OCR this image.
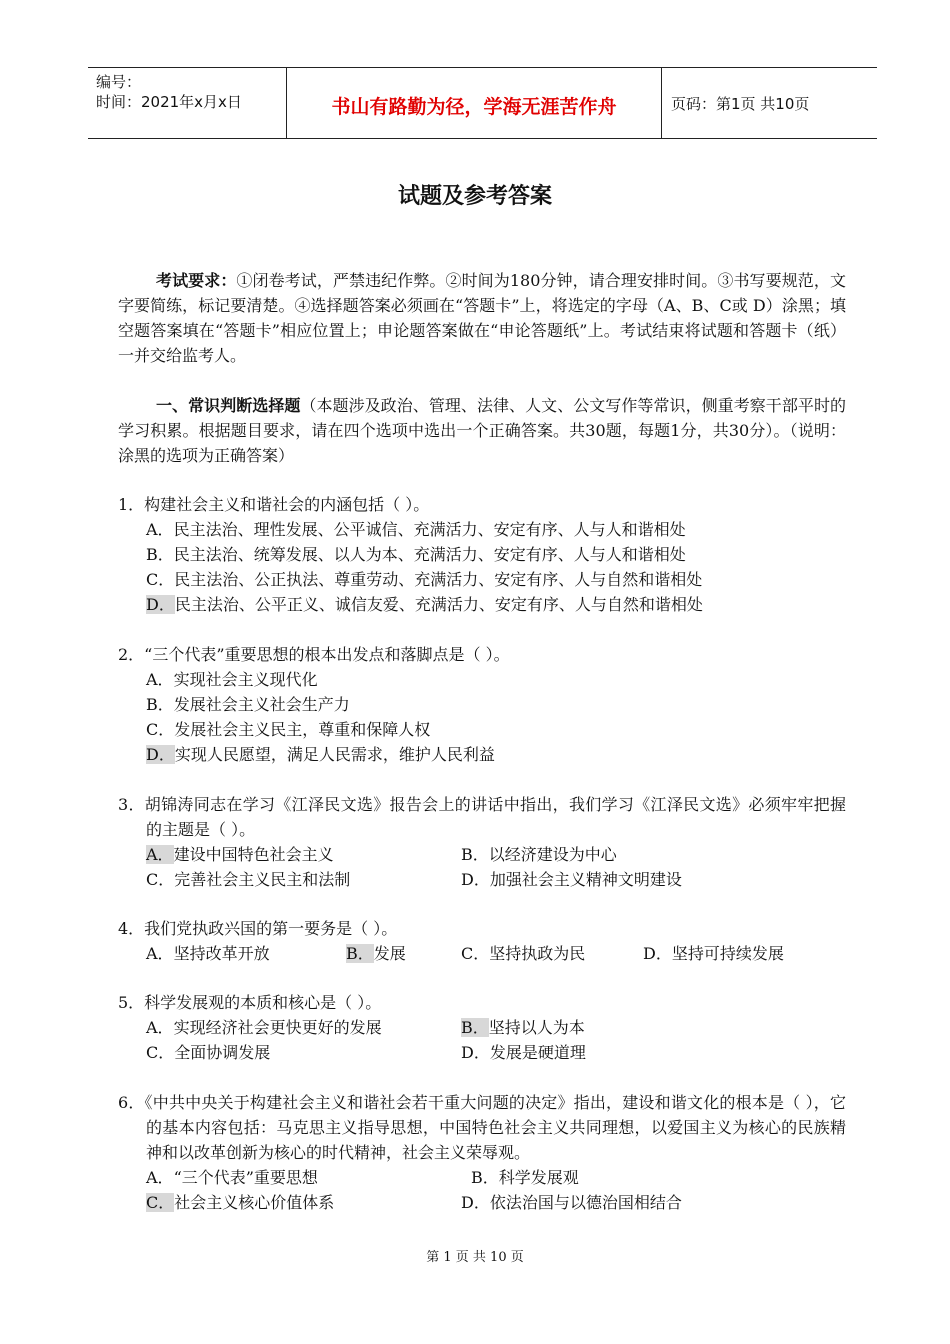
编号：
时间：2021年x月x日	书山有路勤为径，学海无涯苦作舟	页码：第1页 共10页
试题及参考答案
考试要求：①闭卷考试，严禁违纪作弊。②时间为180分钟，请合理安排时间。③书写要规范，文字要简练，标记要清楚。④选择题答案必须画在“答题卡”上，将选定的字母（A、B、C或 D）涂黑；填空题答案填在“答题卡”相应位置上；申论题答案做在“申论答题纸”上。考试结束将试题和答题卡（纸）一并交给监考人。
一、常识判断选择题（本题涉及政治、管理、法律、人文、公文写作等常识，侧重考察干部平时的学习积累。根据题目要求，请在四个选项中选出一个正确答案。共30题，每题1分，共30分）。（说明：涂黑的选项为正确答案）
1．构建社会主义和谐社会的内涵包括（ ）。
A．民主法治、理性发展、公平诚信、充满活力、安定有序、人与人和谐相处
B．民主法治、统筹发展、以人为本、充满活力、安定有序、人与人和谐相处
C．民主法治、公正执法、尊重劳动、充满活力、安定有序、人与自然和谐相处
D．民主法治、公平正义、诚信友爱、充满活力、安定有序、人与自然和谐相处
2．“三个代表”重要思想的根本出发点和落脚点是（ ）。
A．实现社会主义现代化
B．发展社会主义社会生产力
C．发展社会主义民主，尊重和保障人权
D．实现人民愿望，满足人民需求，维护人民利益
3．胡锦涛同志在学习《江泽民文选》报告会上的讲话中指出，我们学习《江泽民文选》必须牢牢把握的主题是（ ）。
A．建设中国特色社会主义	B．以经济建设为中心
C．完善社会主义民主和法制	D．加强社会主义精神文明建设
4．我们党执政兴国的第一要务是（ ）。
A．坚持改革开放	B．发展	C．坚持执政为民	D．坚持可持续发展
5．科学发展观的本质和核心是（ ）。
A．实现经济社会更快更好的发展	B．坚持以人为本
C．全面协调发展	D．发展是硬道理
6．《中共中央关于构建社会主义和谐社会若干重大问题的决定》指出，建设和谐文化的根本是（ ），它的基本内容包括：马克思主义指导思想，中国特色社会主义共同理想，以爱国主义为核心的民族精神和以改革创新为核心的时代精神，社会主义荣辱观。
A．“三个代表”重要思想	B．科学发展观
C．社会主义核心价值体系	D．依法治国与以德治国相结合
第 1 页 共 10 页
